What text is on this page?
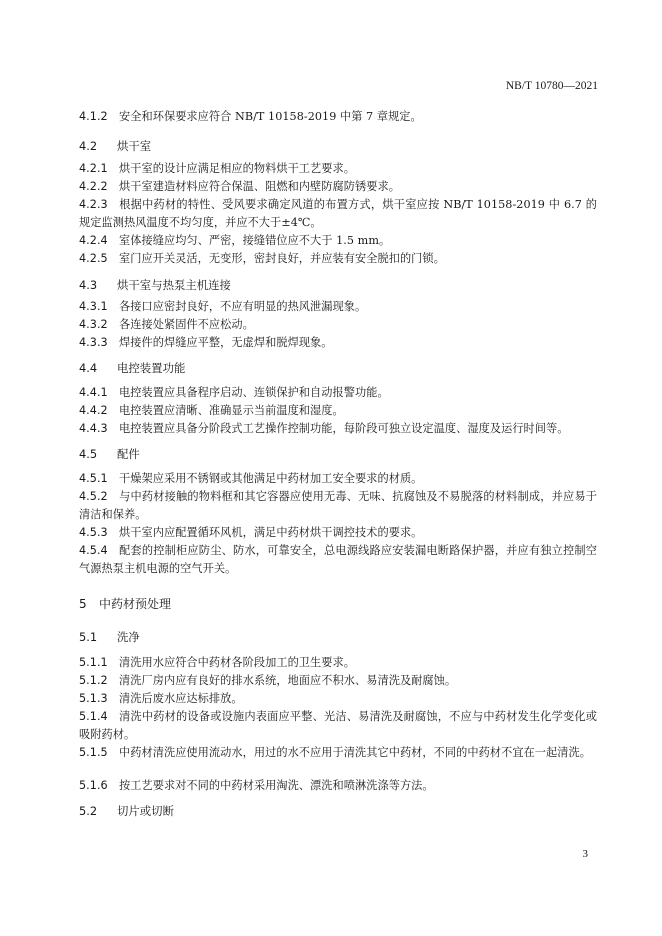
NB/T 10780—2021
4.1.2 安全和环保要求应符合 NB/T 10158-2019 中第 7 章规定。
4.2 烘干室
4.2.1 烘干室的设计应满足相应的物料烘干工艺要求。
4.2.2 烘干室建造材料应符合保温、阻燃和内壁防腐防锈要求。
4.2.3 根据中药材的特性、受风要求确定风道的布置方式，烘干室应按 NB/T 10158-2019 中 6.7 的规定监测热风温度不均匀度，并应不大于±4℃。
4.2.4 室体接缝应均匀、严密，接缝错位应不大于 1.5 mm。
4.2.5 室门应开关灵活，无变形，密封良好，并应装有安全脱扣的门锁。
4.3 烘干室与热泵主机连接
4.3.1 各接口应密封良好，不应有明显的热风泄漏现象。
4.3.2 各连接处紧固件不应松动。
4.3.3 焊接件的焊缝应平整，无虚焊和脱焊现象。
4.4 电控装置功能
4.4.1 电控装置应具备程序启动、连锁保护和自动报警功能。
4.4.2 电控装置应清晰、准确显示当前温度和湿度。
4.4.3 电控装置应具备分阶段式工艺操作控制功能，每阶段可独立设定温度、湿度及运行时间等。
4.5 配件
4.5.1 干燥架应采用不锈钢或其他满足中药材加工安全要求的材质。
4.5.2 与中药材接触的物料框和其它容器应使用无毒、无味、抗腐蚀及不易脱落的材料制成，并应易于清洁和保养。
4.5.3 烘干室内应配置循环风机，满足中药材烘干调控技术的要求。
4.5.4 配套的控制柜应防尘、防水，可靠安全，总电源线路应安装漏电断路保护器，并应有独立控制空气源热泵主机电源的空气开关。
5 中药材预处理
5.1 洗净
5.1.1 清洗用水应符合中药材各阶段加工的卫生要求。
5.1.2 清洗厂房内应有良好的排水系统，地面应不积水、易清洗及耐腐蚀。
5.1.3 清洗后废水应达标排放。
5.1.4 清洗中药材的设备或设施内表面应平整、光洁、易清洗及耐腐蚀，不应与中药材发生化学变化或吸附药材。
5.1.5 中药材清洗应使用流动水，用过的水不应用于清洗其它中药材，不同的中药材不宜在一起清洗。
5.1.6 按工艺要求对不同的中药材采用淘洗、漂洗和喷淋洗涤等方法。
5.2 切片或切断
3
